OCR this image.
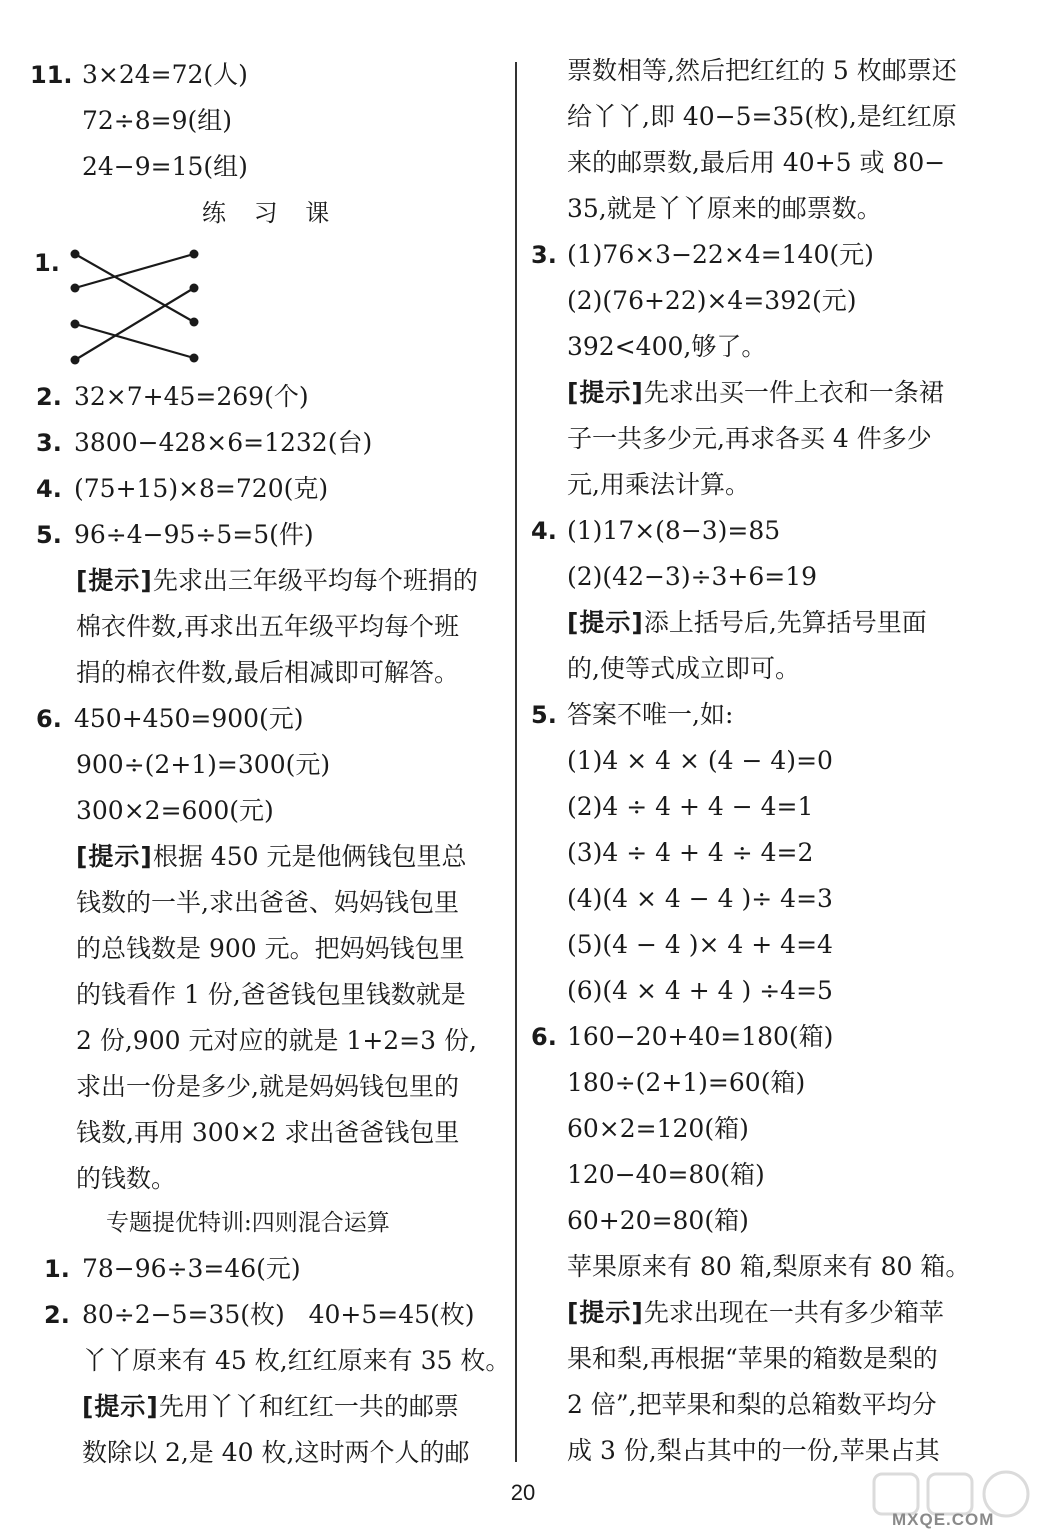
11. 3×24=72(人)
72÷8=9(组)
24−9=15(组)
练 习 课
1.
2. 32×7+45=269(个)
3. 3800−428×6=1232(台)
4. (75+15)×8=720(克)
5. 96÷4−95÷5=5(件)
[提示]先求出三年级平均每个班捐的
棉衣件数,再求出五年级平均每个班
捐的棉衣件数,最后相减即可解答。
6. 450+450=900(元)
900÷(2+1)=300(元)
300×2=600(元)
[提示]根据 450 元是他俩钱包里总
钱数的一半,求出爸爸、妈妈钱包里
的总钱数是 900 元。把妈妈钱包里
的钱看作 1 份,爸爸钱包里钱数就是
2 份,900 元对应的就是 1+2=3 份,
求出一份是多少,就是妈妈钱包里的
钱数,再用 300×2 求出爸爸钱包里
的钱数。
专题提优特训:四则混合运算
1. 78−96÷3=46(元)
2. 80÷2−5=35(枚)   40+5=45(枚)
丫丫原来有 45 枚,红红原来有 35 枚。
[提示]先用丫丫和红红一共的邮票
数除以 2,是 40 枚,这时两个人的邮
票数相等,然后把红红的 5 枚邮票还
给丫丫,即 40−5=35(枚),是红红原
来的邮票数,最后用 40+5 或 80−
35,就是丫丫原来的邮票数。
3. (1)76×3−22×4=140(元)
(2)(76+22)×4=392(元)
392<400,够了。
[提示]先求出买一件上衣和一条裙
子一共多少元,再求各买 4 件多少
元,用乘法计算。
4. (1)17×(8−3)=85
(2)(42−3)÷3+6=19
[提示]添上括号后,先算括号里面
的,使等式成立即可。
5. 答案不唯一,如:
(1)4 × 4 × (4 − 4)=0
(2)4 ÷ 4 + 4 − 4=1
(3)4 ÷ 4 + 4 ÷ 4=2
(4)(4 × 4 − 4 )÷ 4=3
(5)(4 − 4 )× 4 + 4=4
(6)(4 × 4 + 4 ) ÷4=5
6. 160−20+40=180(箱)
180÷(2+1)=60(箱)
60×2=120(箱)
120−40=80(箱)
60+20=80(箱)
苹果原来有 80 箱,梨原来有 80 箱。
[提示]先求出现在一共有多少箱苹
果和梨,再根据“苹果的箱数是梨的
2 倍”,把苹果和梨的总箱数平均分
成 3 份,梨占其中的一份,苹果占其
20
MXQE.COM
